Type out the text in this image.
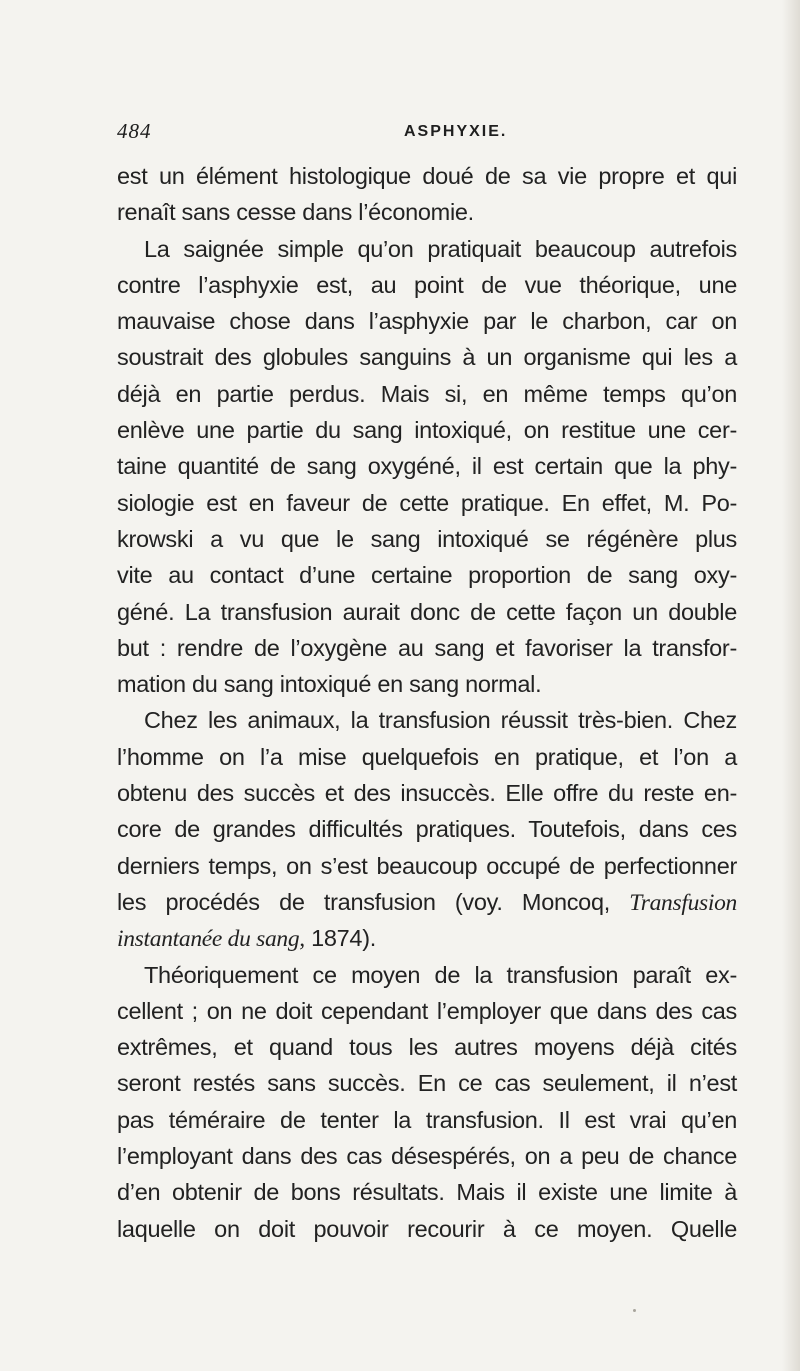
484	ASPHYXIE.
est un élément histologique doué de sa vie propre et qui
renaît sans cesse dans l’économie.
La saignée simple qu’on pratiquait beaucoup autrefois
contre l’asphyxie est, au point de vue théorique, une
mauvaise chose dans l’asphyxie par le charbon, car on
soustrait des globules sanguins à un organisme qui les a
déjà en partie perdus. Mais si, en même temps qu’on
enlève une partie du sang intoxiqué, on restitue une cer-
taine quantité de sang oxygéné, il est certain que la phy-
siologie est en faveur de cette pratique. En effet, M. Po-
krowski a vu que le sang intoxiqué se régénère plus
vite au contact d’une certaine proportion de sang oxy-
géné. La transfusion aurait donc de cette façon un double
but : rendre de l’oxygène au sang et favoriser la transfor-
mation du sang intoxiqué en sang normal.
Chez les animaux, la transfusion réussit très-bien. Chez
l’homme on l’a mise quelquefois en pratique, et l’on a
obtenu des succès et des insuccès. Elle offre du reste en-
core de grandes difficultés pratiques. Toutefois, dans ces
derniers temps, on s’est beaucoup occupé de perfectionner
les procédés de transfusion (voy. Moncoq, Transfusion
instantanée du sang, 1874).
Théoriquement ce moyen de la transfusion paraît ex-
cellent ; on ne doit cependant l’employer que dans des cas
extrêmes, et quand tous les autres moyens déjà cités
seront restés sans succès. En ce cas seulement, il n’est
pas téméraire de tenter la transfusion. Il est vrai qu’en
l’employant dans des cas désespérés, on a peu de chance
d’en obtenir de bons résultats. Mais il existe une limite à
laquelle on doit pouvoir recourir à ce moyen. Quelle
